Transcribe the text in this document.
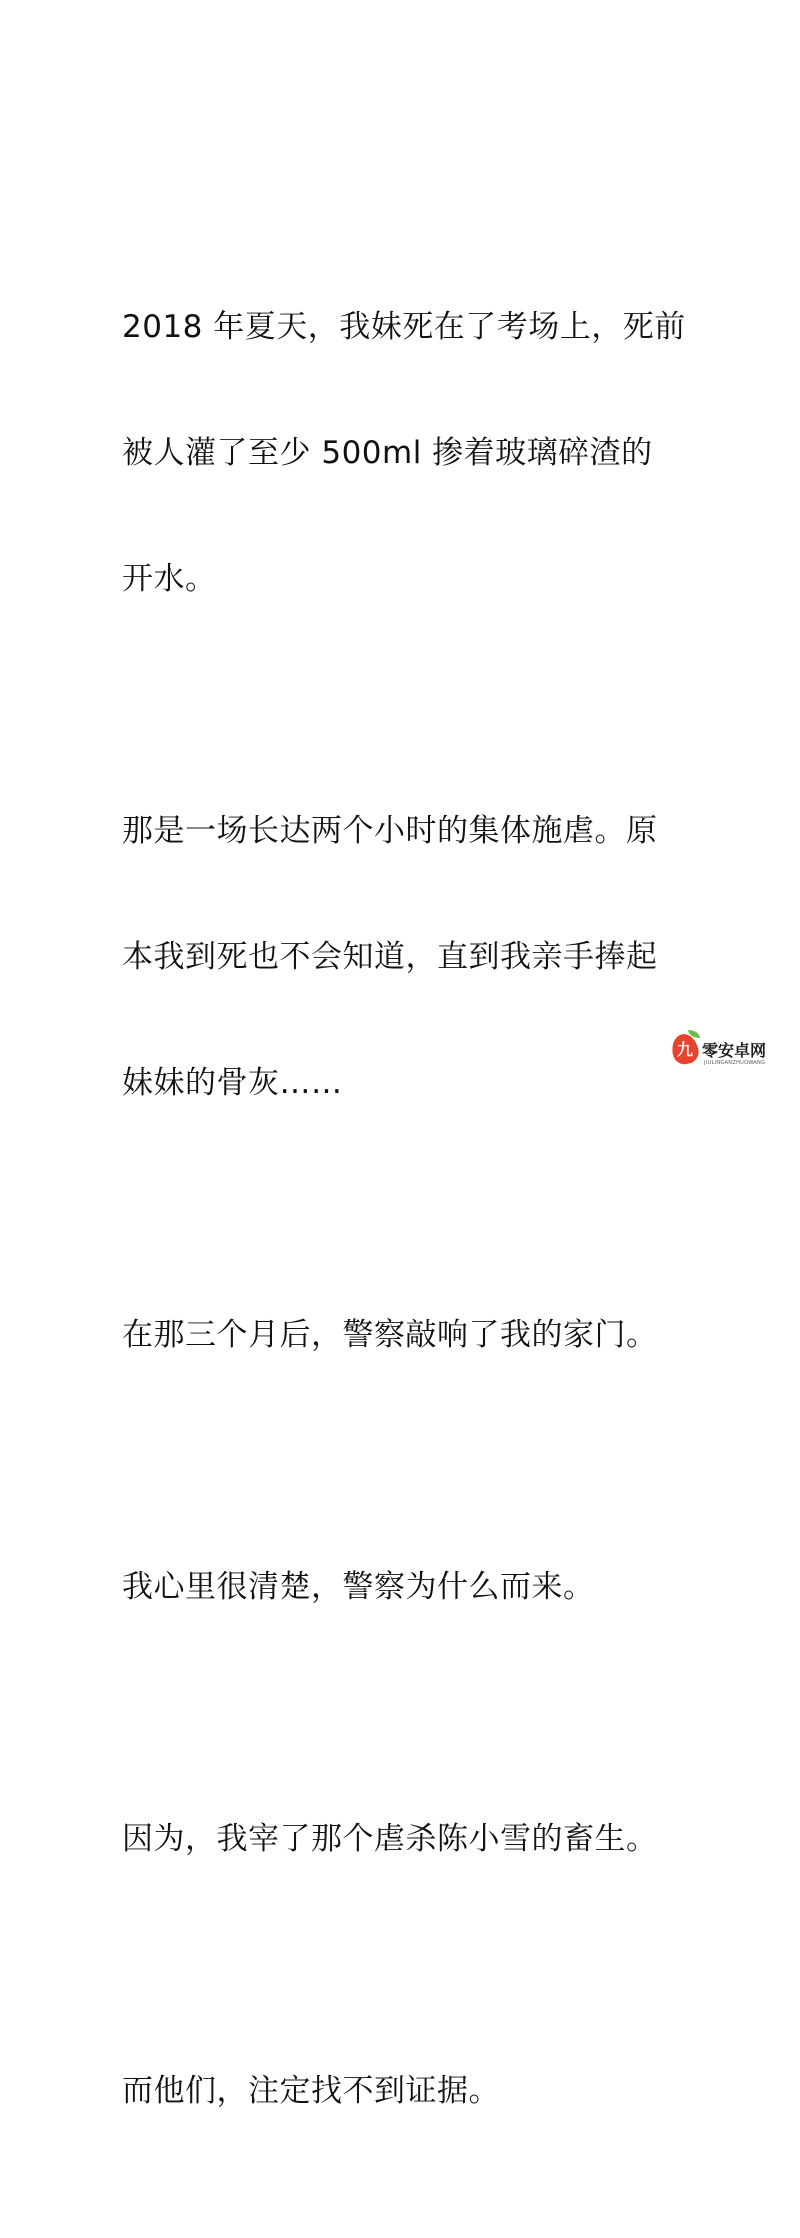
2018 年夏天，我妹死在了考场上，死前

被人灌了至少 500ml 掺着玻璃碎渣的

开水。

那是一场长达两个小时的集体施虐。原

本我到死也不会知道，直到我亲手捧起

妹妹的骨灰……

在那三个月后，警察敲响了我的家门。

我心里很清楚，警察为什么而来。

因为，我宰了那个虐杀陈小雪的畜生。

而他们，注定找不到证据。

九 零安卓网
JIULINGANZHUOWANG
